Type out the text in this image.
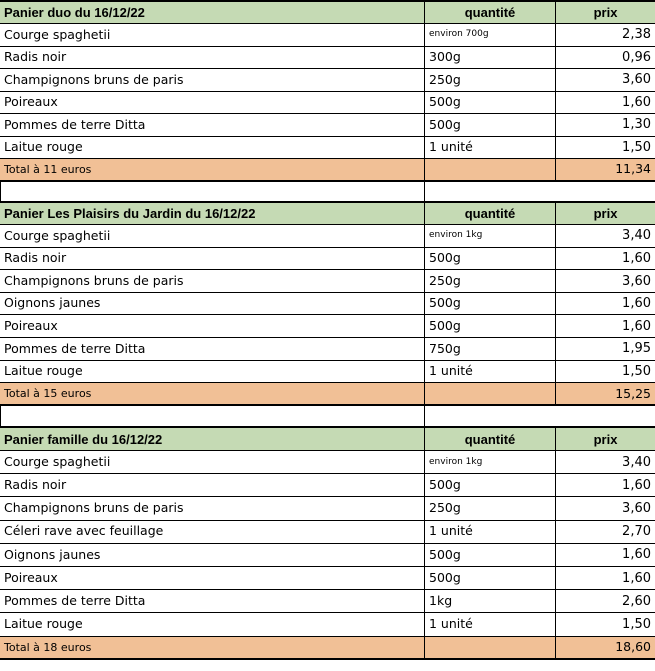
Panier duo du 16/12/22	quantité	prix
Courge spaghetii	environ 700g	2,38
Radis noir	300g	0,96
Champignons bruns de paris	250g	3,60
Poireaux	500g	1,60
Pommes de terre Ditta	500g	1,30
Laitue rouge	1 unité	1,50
Total à 11 euros		11,34
Panier Les Plaisirs du Jardin du 16/12/22	quantité	prix
Courge spaghetii	environ 1kg	3,40
Radis noir	500g	1,60
Champignons bruns de paris	250g	3,60
Oignons jaunes	500g	1,60
Poireaux	500g	1,60
Pommes de terre Ditta	750g	1,95
Laitue rouge	1 unité	1,50
Total à 15 euros		15,25
Panier famille du 16/12/22	quantité	prix
Courge spaghetii	environ 1kg	3,40
Radis noir	500g	1,60
Champignons bruns de paris	250g	3,60
Céleri rave avec feuillage	1 unité	2,70
Oignons jaunes	500g	1,60
Poireaux	500g	1,60
Pommes de terre Ditta	1kg	2,60
Laitue rouge	1 unité	1,50
Total à 18 euros		18,60
